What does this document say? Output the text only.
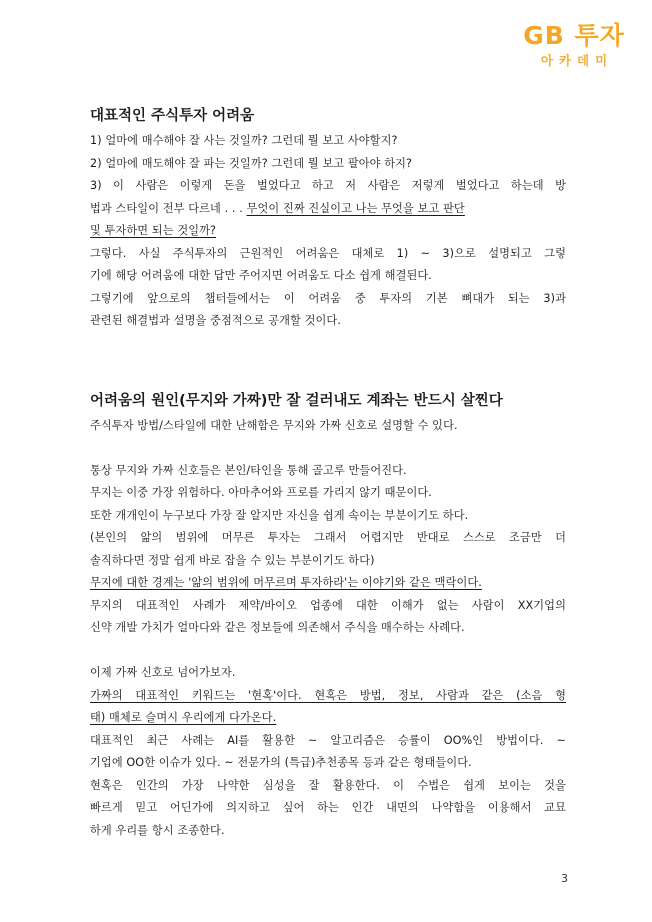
GB 투자
아카데미
대표적인 주식투자 어려움
1) 얼마에 매수해야 잘 사는 것일까? 그런데 뭘 보고 사야할지?
2) 얼마에 매도해야 잘 파는 것일까? 그런데 뭘 보고 팔아야 하지?
3) 이 사람은 이렇게 돈을 벌었다고 하고 저 사람은 저렇게 벌었다고 하는데 방
법과 스타일이 전부 다르네 . . . 무엇이 진짜 진실이고 나는 무엇을 보고 판단
및 투자하면 되는 것일까?
그렇다. 사실 주식투자의 근원적인 어려움은 대체로 1) ~ 3)으로 설명되고 그렇
기에 해당 어려움에 대한 답만 주어지면 어려움도 다소 쉽게 해결된다.
그렇기에 앞으로의 챕터들에서는 이 어려움 중 투자의 기본 뼈대가 되는 3)과
관련된 해결법과 설명을 중점적으로 공개할 것이다.
어려움의 원인(무지와 가짜)만 잘 걸러내도 계좌는 반드시 살찐다
주식투자 방법/스타일에 대한 난해함은 무지와 가짜 신호로 설명할 수 있다.
통상 무지와 가짜 신호들은 본인/타인을 통해 골고루 만들어진다.
무지는 이중 가장 위험하다. 아마추어와 프로를 가리지 않기 때문이다.
또한 개개인이 누구보다 가장 잘 알지만 자신을 쉽게 속이는 부분이기도 하다.
(본인의 앎의 범위에 머무른 투자는 그래서 어렵지만 반대로 스스로 조금만 더
솔직하다면 정말 쉽게 바로 잡을 수 있는 부분이기도 하다)
무지에 대한 경계는 '앎의 범위에 머무르며 투자하라'는 이야기와 같은 맥락이다.
무지의 대표적인 사례가 제약/바이오 업종에 대한 이해가 없는 사람이 XX기업의
신약 개발 가치가 얼마다와 같은 정보들에 의존해서 주식을 매수하는 사례다.
이제 가짜 신호로 넘어가보자.
가짜의 대표적인 키워드는 '현혹'이다. 현혹은 방법, 정보, 사람과 같은 (소음 형
태) 매체로 슬며시 우리에게 다가온다.
대표적인 최근 사례는 AI를 활용한 ~ 알고리즘은 승률이 OO%인 방법이다. ~
기업에 OO한 이슈가 있다. ~ 전문가의 (특급)추천종목 등과 같은 형태들이다.
현혹은 인간의 가장 나약한 심성을 잘 활용한다. 이 수법은 쉽게 보이는 것을
빠르게 믿고 어딘가에 의지하고 싶어 하는 인간 내면의 나약함을 이용해서 교묘
하게 우리를 항시 조종한다.
3
